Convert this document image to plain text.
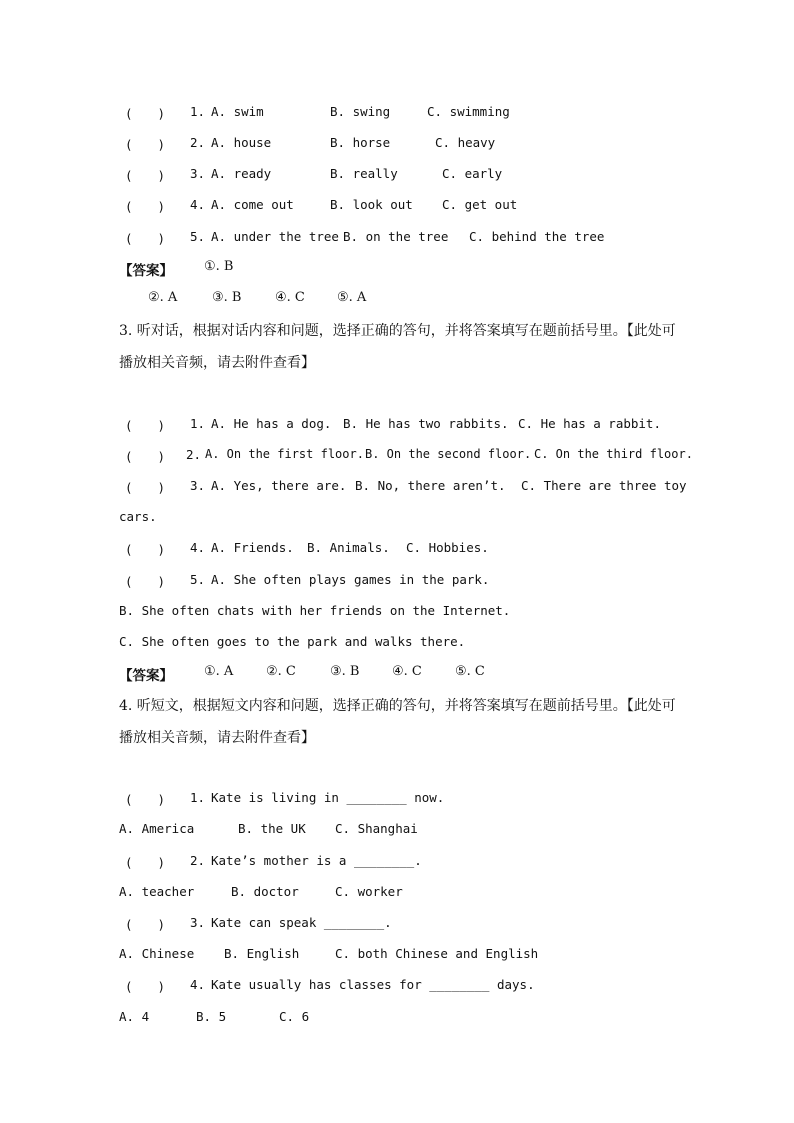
(　　) 1. A. swim	B. swing	C. swimming
(　　) 2. A. house	B. horse	C. heavy
(　　) 3. A. ready	B. really	C. early
(　　) 4. A. come out	B. look out C. get out
(　　) 5. A. under the tree B. on the tree C. behind the tree
【答案】 ①. B
②. A	③. B	④. C ⑤. A
3. 听对话，根据对话内容和问题，选择正确的答句，并将答案填写在题前括号里。【此处可
播放相关音频，请去附件查看】
(　　) 1. A. He has a dog. B. He has two rabbits. C. He has a rabbit.
(　　) 2. A. On the first floor. B. On the second floor. C. On the third floor.
(　　) 3. A. Yes, there are. B. No, there aren’t. C. There are three toy
cars.
(　　) 4. A. Friends. B. Animals. C. Hobbies.
(　　) 5. A. She often plays games in the park.
B. She often chats with her friends on the Internet.
C. She often goes to the park and walks there.
【答案】 ①. A	②. C	③. B	④. C	⑤. C
4. 听短文，根据短文内容和问题，选择正确的答句，并将答案填写在题前括号里。【此处可
播放相关音频，请去附件查看】
(　　) 1. Kate is living in ________ now.
A. America	B. the UK C. Shanghai
(　　) 2. Kate’s mother is a ________.
A. teacher	B. doctor	C. worker
(　　) 3. Kate can speak ________.
A. Chinese B. English	C. both Chinese and English
(　　) 4. Kate usually has classes for ________ days.
A. 4	B. 5	C. 6
